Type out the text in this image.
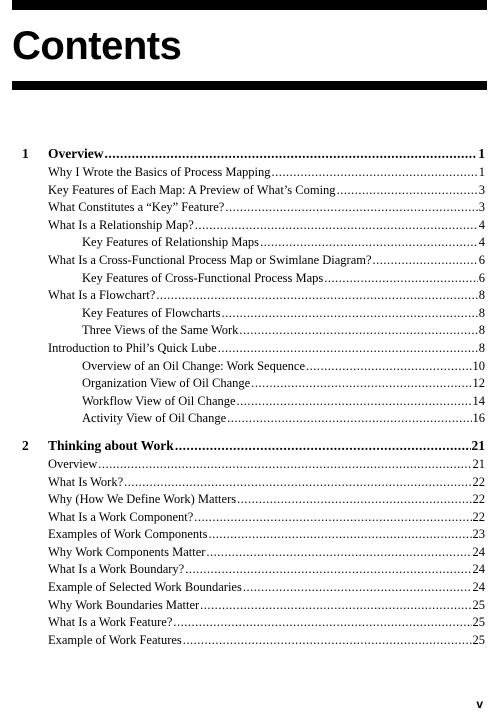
Contents
1	Overview .....	1
Why I Wrote the Basics of Process Mapping .....	1
Key Features of Each Map: A Preview of What’s Coming .....	3
What Constitutes a “Key” Feature? .....	3
What Is a Relationship Map? .....	4
Key Features of Relationship Maps .....	4
What Is a Cross-Functional Process Map or Swimlane Diagram? .....	6
Key Features of Cross-Functional Process Maps .....	6
What Is a Flowchart? .....	8
Key Features of Flowcharts .....	8
Three Views of the Same Work .....	8
Introduction to Phil’s Quick Lube .....	8
Overview of an Oil Change: Work Sequence .....	10
Organization View of Oil Change .....	12
Workflow View of Oil Change .....	14
Activity View of Oil Change .....	16
2	Thinking about Work .....	21
Overview .....	21
What Is Work? .....	22
Why (How We Define Work) Matters .....	22
What Is a Work Component? .....	22
Examples of Work Components .....	23
Why Work Components Matter .....	24
What Is a Work Boundary? .....	24
Example of Selected Work Boundaries .....	24
Why Work Boundaries Matter .....	25
What Is a Work Feature? .....	25
Example of Work Features .....	25
v
